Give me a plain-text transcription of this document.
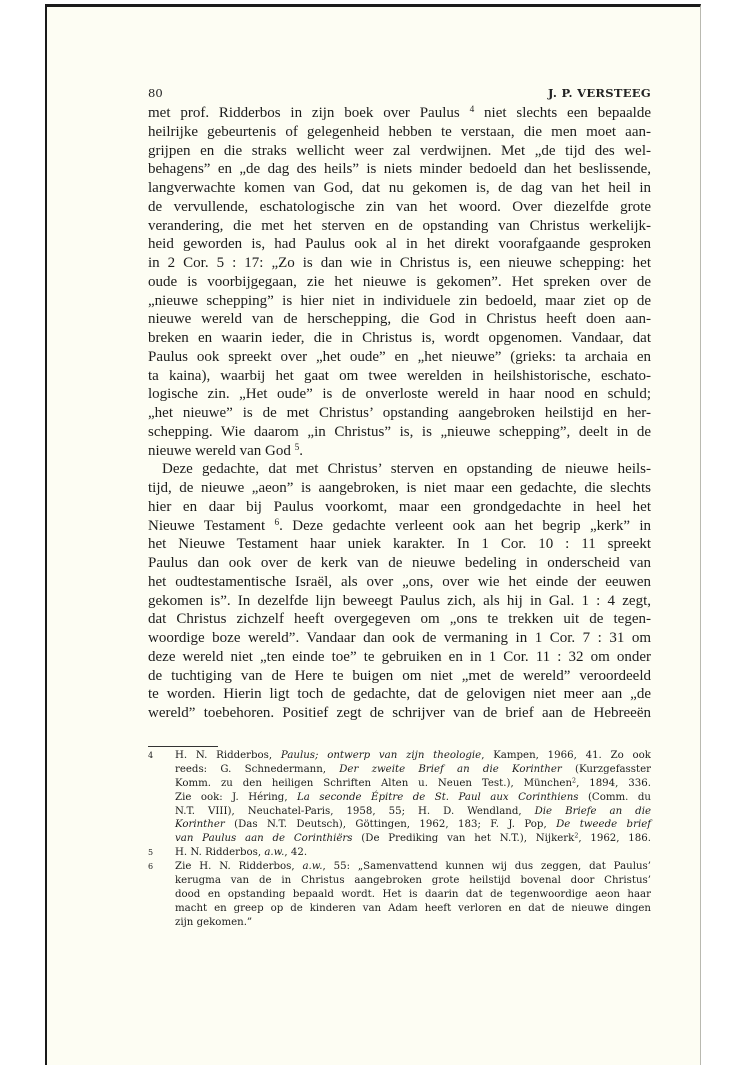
80	J. P. VERSTEEG
met prof. Ridderbos in zijn boek over Paulus $^4$ niet slechts een bepaalde
heilrijke gebeurtenis of gelegenheid hebben te verstaan, die men moet aan-
grijpen en die straks wellicht weer zal verdwijnen. Met „de tijd des wel-
behagens” en „de dag des heils” is niets minder bedoeld dan het beslissende,
langverwachte komen van God, dat nu gekomen is, de dag van het heil in
de vervullende, eschatologische zin van het woord. Over diezelfde grote
verandering, die met het sterven en de opstanding van Christus werkelijk-
heid geworden is, had Paulus ook al in het direkt voorafgaande gesproken
in 2 Cor. 5 : 17: „Zo is dan wie in Christus is, een nieuwe schepping: het
oude is voorbijgegaan, zie het nieuwe is gekomen”. Het spreken over de
„nieuwe schepping” is hier niet in individuele zin bedoeld, maar ziet op de
nieuwe wereld van de herschepping, die God in Christus heeft doen aan-
breken en waarin ieder, die in Christus is, wordt opgenomen. Vandaar, dat
Paulus ook spreekt over „het oude” en „het nieuwe” (grieks: ta archaia en
ta kaina), waarbij het gaat om twee werelden in heilshistorische, eschato-
logische zin. „Het oude” is de onverloste wereld in haar nood en schuld;
„het nieuwe” is de met Christus’ opstanding aangebroken heilstijd en her-
schepping. Wie daarom „in Christus” is, is „nieuwe schepping”, deelt in de
nieuwe wereld van God $^5$.
Deze gedachte, dat met Christus’ sterven en opstanding de nieuwe heils-
tijd, de nieuwe „aeon” is aangebroken, is niet maar een gedachte, die slechts
hier en daar bij Paulus voorkomt, maar een grondgedachte in heel het
Nieuwe Testament $^6$. Deze gedachte verleent ook aan het begrip „kerk” in
het Nieuwe Testament haar uniek karakter. In 1 Cor. 10 : 11 spreekt
Paulus dan ook over de kerk van de nieuwe bedeling in onderscheid van
het oudtestamentische Israël, als over „ons, over wie het einde der eeuwen
gekomen is”. In dezelfde lijn beweegt Paulus zich, als hij in Gal. 1 : 4 zegt,
dat Christus zichzelf heeft overgegeven om „ons te trekken uit de tegen-
woordige boze wereld”. Vandaar dan ook de vermaning in 1 Cor. 7 : 31 om
deze wereld niet „ten einde toe” te gebruiken en in 1 Cor. 11 : 32 om onder
de tuchtiging van de Here te buigen om niet „met de wereld” veroordeeld
te worden. Hierin ligt toch de gedachte, dat de gelovigen niet meer aan „de
wereld” toebehoren. Positief zegt de schrijver van de brief aan de Hebreeën
4 H. N. Ridderbos, Paulus; ontwerp van zijn theologie, Kampen, 1966, 41. Zo ook
reeds: G. Schnedermann, Der zweite Brief an die Korinther (Kurzgefasster
Komm. zu den heiligen Schriften Alten u. Neuen Test.), München$^2$, 1894, 336.
Zie ook: J. Héring, La seconde Épitre de St. Paul aux Corinthiens (Comm. du
N.T. VIII), Neuchatel-Paris, 1958, 55; H. D. Wendland, Die Briefe an die
Korinther (Das N.T. Deutsch), Göttingen, 1962, 183; F. J. Pop, De tweede brief
van Paulus aan de Corinthiërs (De Prediking van het N.T.), Nijkerk$^2$, 1962, 186.
5 H. N. Ridderbos, a.w., 42.
6 Zie H. N. Ridderbos, a.w., 55: „Samenvattend kunnen wij dus zeggen, dat Paulus’
kerugma van de in Christus aangebroken grote heilstijd bovenal door Christus’
dood en opstanding bepaald wordt. Het is daarin dat de tegenwoordige aeon haar
macht en greep op de kinderen van Adam heeft verloren en dat de nieuwe dingen
zijn gekomen.”
